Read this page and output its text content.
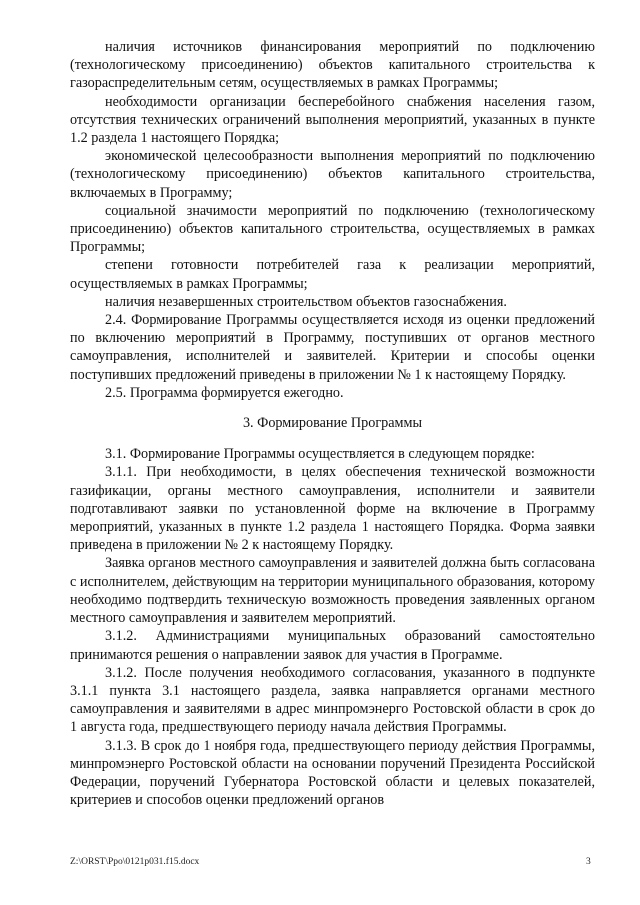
наличия источников финансирования мероприятий по подключению (технологическому присоединению) объектов капитального строительства к газораспределительным сетям, осуществляемых в рамках Программы;

необходимости организации бесперебойного снабжения населения газом, отсутствия технических ограничений выполнения мероприятий, указанных в пункте 1.2 раздела 1 настоящего Порядка;

экономической целесообразности выполнения мероприятий по подключению (технологическому присоединению) объектов капитального строительства, включаемых в Программу;

социальной значимости мероприятий по подключению (технологическому присоединению) объектов капитального строительства, осуществляемых в рамках Программы;

степени готовности потребителей газа к реализации мероприятий, осуществляемых в рамках Программы;

наличия незавершенных строительством объектов газоснабжения.

2.4. Формирование Программы осуществляется исходя из оценки предложений по включению мероприятий в Программу, поступивших от органов местного самоуправления, исполнителей и заявителей. Критерии и способы оценки поступивших предложений приведены в приложении № 1 к настоящему Порядку.

2.5. Программа формируется ежегодно.

3. Формирование Программы

3.1. Формирование Программы осуществляется в следующем порядке:

3.1.1. При необходимости, в целях обеспечения технической возможности газификации, органы местного самоуправления, исполнители и заявители подготавливают заявки по установленной форме на включение в Программу мероприятий, указанных в пункте 1.2 раздела 1 настоящего Порядка. Форма заявки приведена в приложении № 2 к настоящему Порядку.

Заявка органов местного самоуправления и заявителей должна быть согласована с исполнителем, действующим на территории муниципального образования, которому необходимо подтвердить техническую возможность проведения заявленных органом местного самоуправления и заявителем мероприятий.

3.1.2. Администрациями муниципальных образований самостоятельно принимаются решения о направлении заявок для участия в Программе.

3.1.2. После получения необходимого согласования, указанного в подпункте 3.1.1 пункта 3.1 настоящего раздела, заявка направляется органами местного самоуправления и заявителями в адрес минпромэнерго Ростовской области в срок до 1 августа года, предшествующего периоду начала действия Программы.

3.1.3. В срок до 1 ноября года, предшествующего периоду действия Программы, минпромэнерго Ростовской области на основании поручений Президента Российской Федерации, поручений Губернатора Ростовской области и целевых показателей, критериев и способов оценки предложений органов

Z:\ORST\Ppo\0121p031.f15.docx	3
